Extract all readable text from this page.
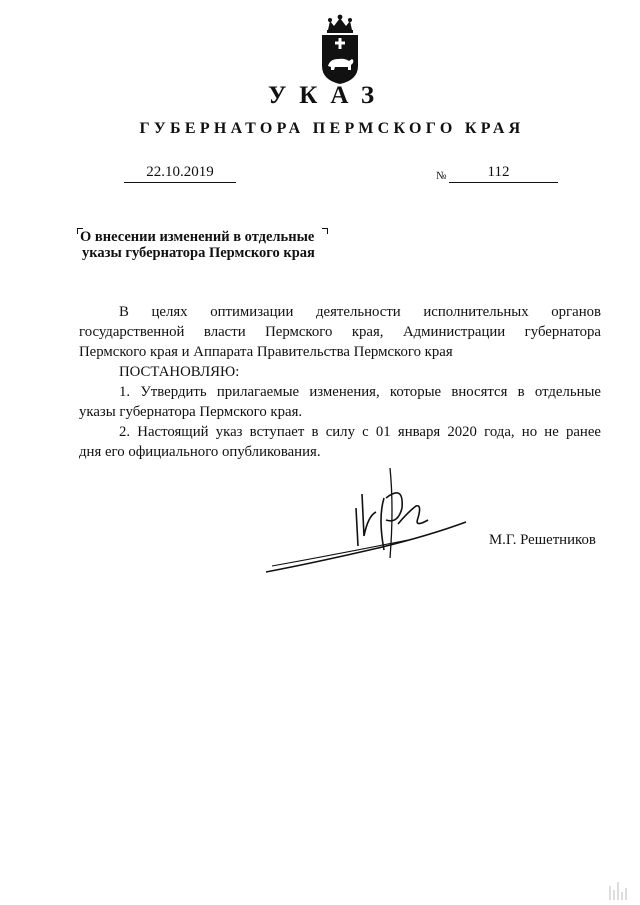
УКАЗ
ГУБЕРНАТОРА ПЕРМСКОГО КРАЯ
22.10.2019	№	112
О внесении изменений в отдельные
указы губернатора Пермского края

В целях оптимизации деятельности исполнительных органов

государственной власти Пермского края, Администрации губернатора

Пермского края и Аппарата Правительства Пермского края

ПОСТАНОВЛЯЮ:

1. Утвердить прилагаемые изменения, которые вносятся в отдельные

указы губернатора Пермского края.

2. Настоящий указ вступает в силу с 01 января 2020 года, но не ранее

дня его официального опубликования.

М.Г. Решетников
